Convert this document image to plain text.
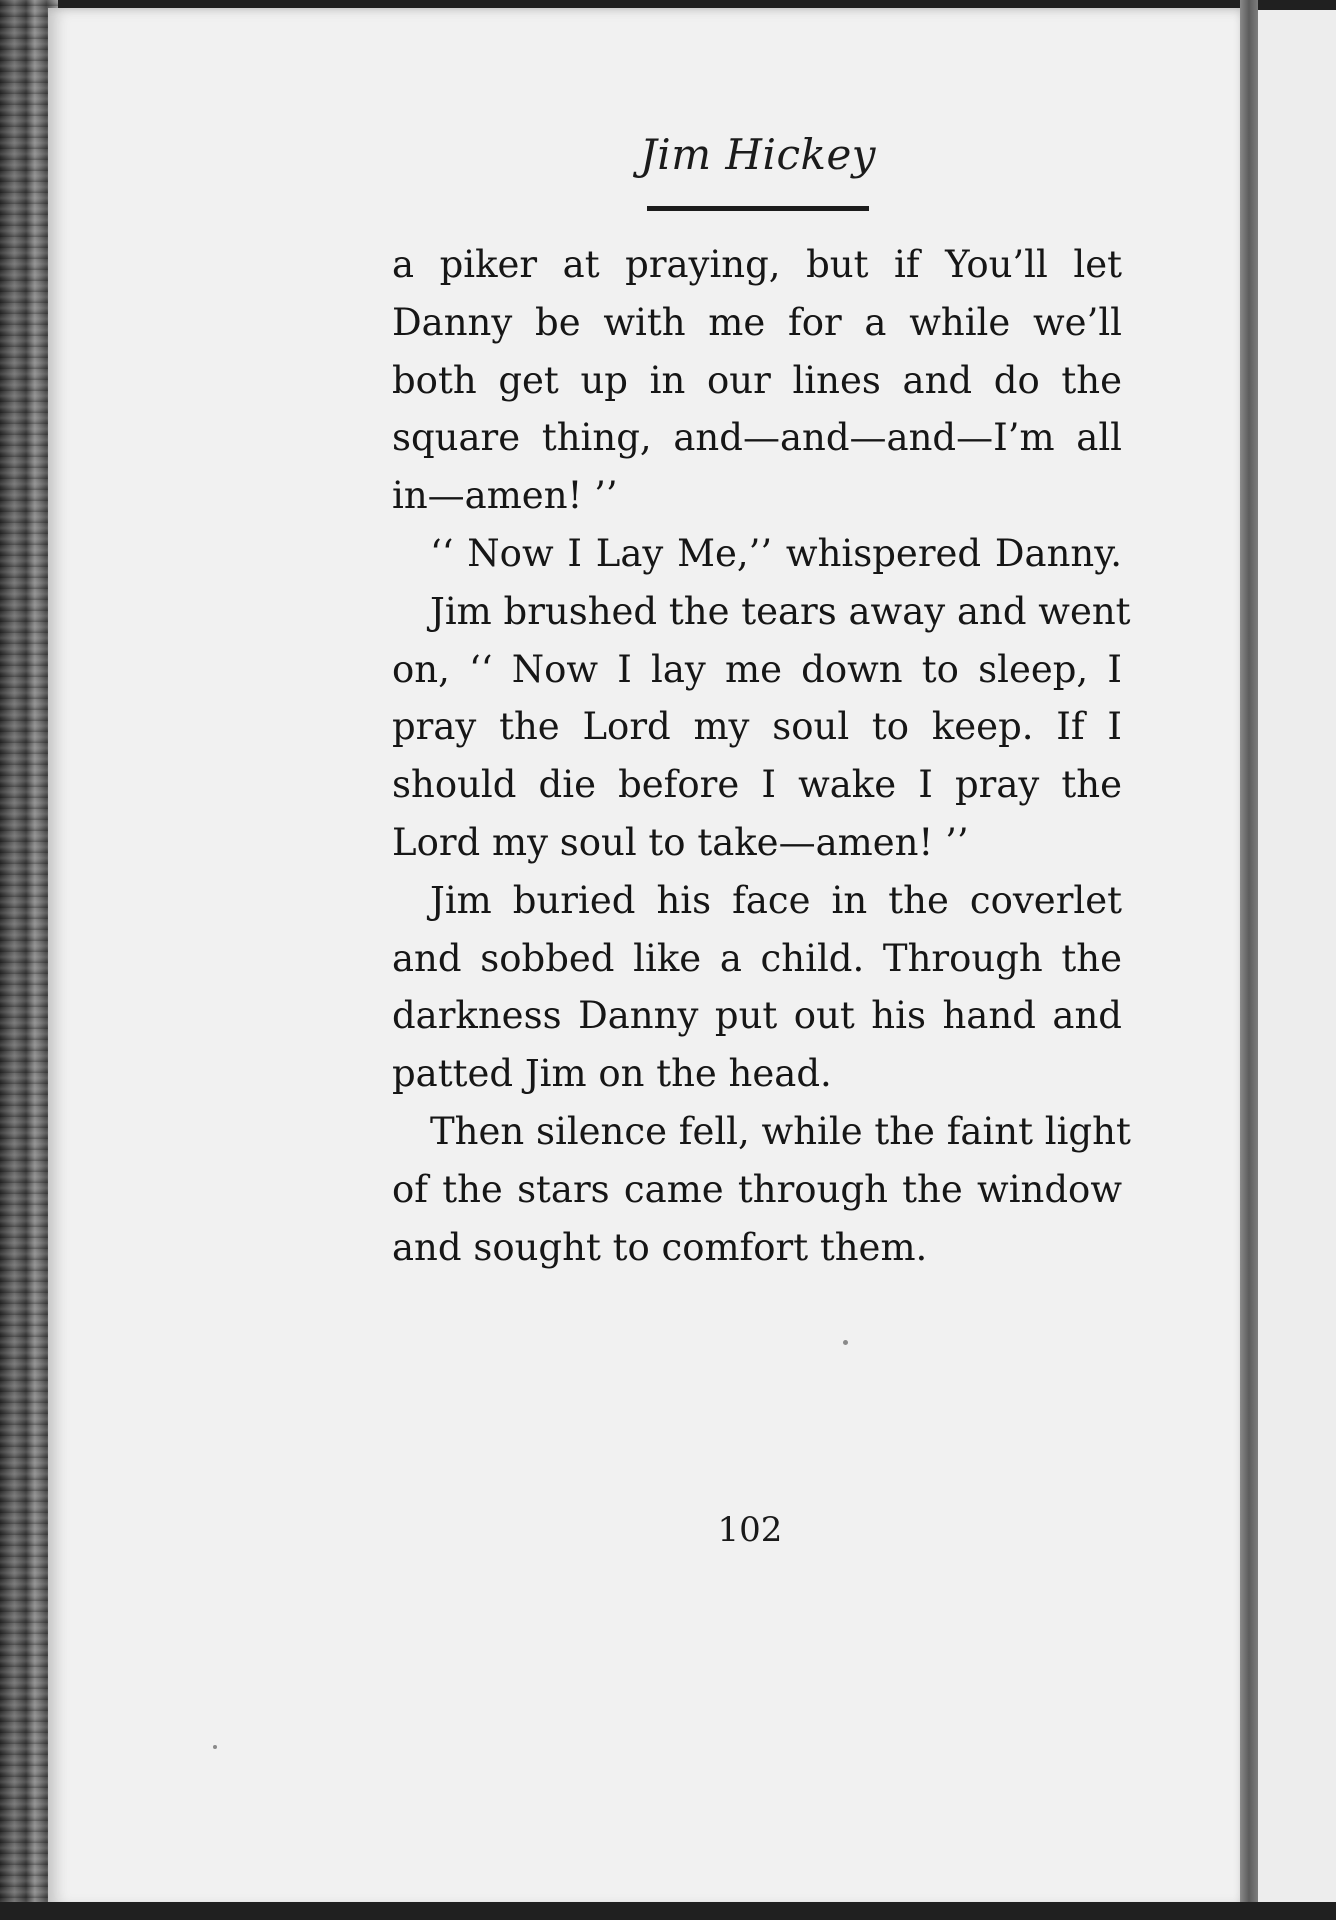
Jim Hickey
a piker at praying, but if You’ll let
Danny be with me for a while we’ll
both get up in our lines and do the
square thing, and—and—and—I’m all
in—amen! ’’
‘‘ Now I Lay Me,’’ whispered Danny.
Jim brushed the tears away and went
on, ‘‘ Now I lay me down to sleep, I
pray the Lord my soul to keep. If I
should die before I wake I pray the
Lord my soul to take—amen! ’’
Jim buried his face in the coverlet
and sobbed like a child. Through the
darkness Danny put out his hand and
patted Jim on the head.
Then silence fell, while the faint light
of the stars came through the window
and sought to comfort them.
102
